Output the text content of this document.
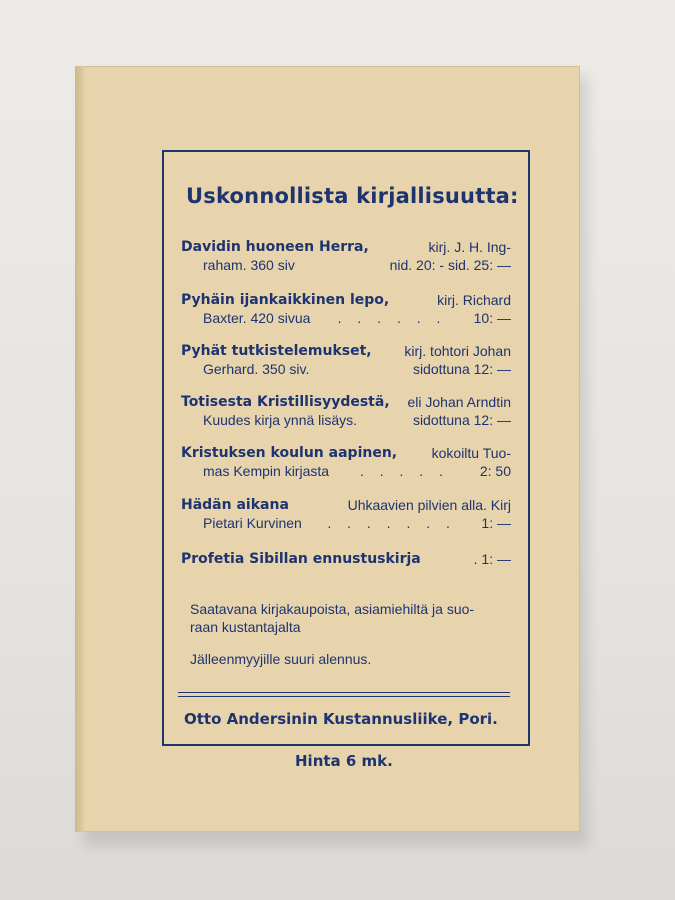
Uskonnollista kirjallisuutta:
Davidin huoneen Herra,	kirj. J. H. Ing-
raham. 360 siv	nid. 20: - sid. 25: —
Pyhäin ijankaikkinen lepo,	kirj. Richard
Baxter. 420 sivua	. . . . . .	10: —
Pyhät tutkistelemukset, kirj. tohtori Johan
Gerhard. 350 siv.	sidottuna 12: —
Totisesta Kristillisyydestä, eli Johan Arndtin
Kuudes kirja ynnä lisäys.	sidottuna 12: —
Kristuksen koulun aapinen, kokoiltu Tuo-
mas Kempin kirjasta	. . . . .	2: 50
Hädän aikana	Uhkaavien pilvien alla. Kirj
Pietari Kurvinen	. . . . . . .	1: —
Profetia Sibillan ennustuskirja	. 1: —
Saatavana kirjakaupoista, asiamiehiltä ja suo-
raan kustantajalta
Jälleenmyyjille suuri alennus.
Otto Andersinin Kustannusliike, Pori.
Hinta 6 mk.
